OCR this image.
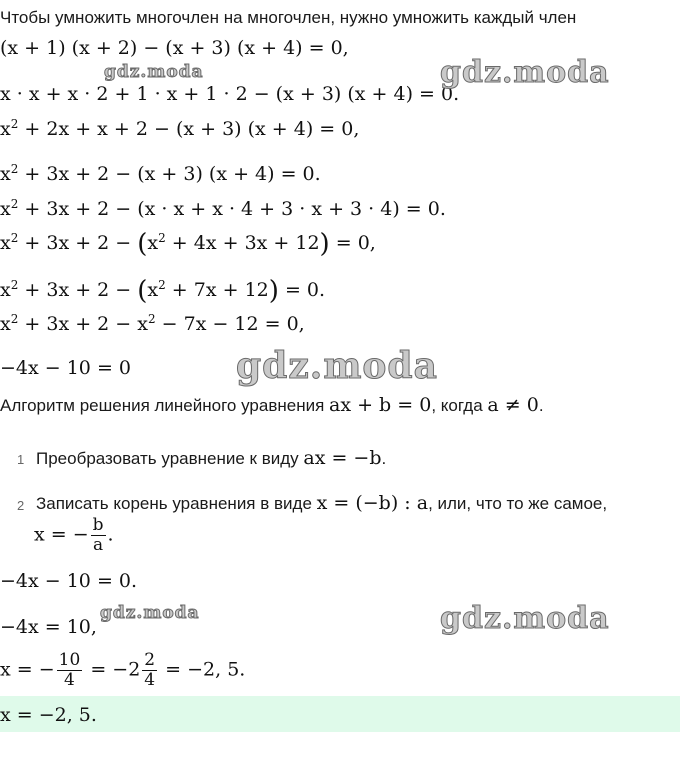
Чтобы умножить многочлен на многочлен, нужно умножить каждый член
(x + 1) (x + 2) − (x + 3) (x + 4) = 0,
x · x + x · 2 + 1 · x + 1 · 2 − (x + 3) (x + 4) = 0.
$x^2 + 2x + x + 2 - (x + 3) (x + 4) = 0$,
$x^2 + 3x + 2 - (x + 3) (x + 4) = 0$.
$x^2 + 3x + 2 - (x \cdot x + x \cdot 4 + 3 \cdot x + 3 \cdot 4) = 0$.
$x^2 + 3x + 2 - (x^2 + 4x + 3x + 12) = 0$,
$x^2 + 3x + 2 - (x^2 + 7x + 12) = 0$.
$x^2 + 3x + 2 - x^2 - 7x - 12 = 0$,
−4x − 10 = 0
Алгоритм решения линейного уравнения ax + b = 0, когда a ≠ 0.
1 Преобразовать уравнение к виду ax = −b.
2 Записать корень уравнения в виде x = (−b) : a, или, что то же самое,
x = − $\frac{b}{a}$ .
−4x − 10 = 0.
−4x = 10,
x = − $\frac{10}{4} = -2 \frac{2}{4} = -2$, 5.
x = −2, 5.
gdz.moda	gdz.moda
gdz.moda
gdz.moda	gdz.moda
